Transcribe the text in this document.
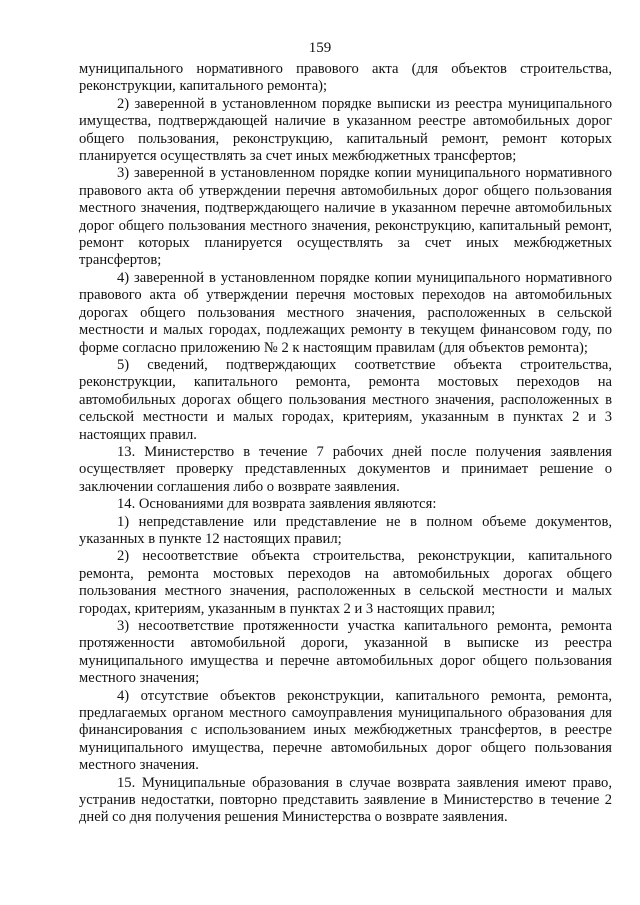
159

муниципального нормативного правового акта (для объектов строительства, реконструкции, капитального ремонта);

2) заверенной в установленном порядке выписки из реестра муниципального имущества, подтверждающей наличие в указанном реестре автомобильных дорог общего пользования, реконструкцию, капитальный ремонт, ремонт которых планируется осуществлять за счет иных межбюджетных трансфертов;

3) заверенной в установленном порядке копии муниципального нормативного правового акта об утверждении перечня автомобильных дорог общего пользования местного значения, подтверждающего наличие в указанном перечне автомобильных дорог общего пользования местного значения, реконструкцию, капитальный ремонт, ремонт которых планируется осуществлять за счет иных межбюджетных трансфертов;

4) заверенной в установленном порядке копии муниципального нормативного правового акта об утверждении перечня мостовых переходов на автомобильных дорогах общего пользования местного значения, расположенных в сельской местности и малых городах, подлежащих ремонту в текущем финансовом году, по форме согласно приложению № 2 к настоящим правилам (для объектов ремонта);

5) сведений, подтверждающих соответствие объекта строительства, реконструкции, капитального ремонта, ремонта мостовых переходов на автомобильных дорогах общего пользования местного значения, расположенных в сельской местности и малых городах, критериям, указанным в пунктах 2 и 3 настоящих правил.

13. Министерство в течение 7 рабочих дней после получения заявления осуществляет проверку представленных документов и принимает решение о заключении соглашения либо о возврате заявления.

14. Основаниями для возврата заявления являются:

1) непредставление или представление не в полном объеме документов, указанных в пункте 12 настоящих правил;

2) несоответствие объекта строительства, реконструкции, капитального ремонта, ремонта мостовых переходов на автомобильных дорогах общего пользования местного значения, расположенных в сельской местности и малых городах, критериям, указанным в пунктах 2 и 3 настоящих правил;

3) несоответствие протяженности участка капитального ремонта, ремонта протяженности автомобильной дороги, указанной в выписке из реестра муниципального имущества и перечне автомобильных дорог общего пользования местного значения;

4) отсутствие объектов реконструкции, капитального ремонта, ремонта, предлагаемых органом местного самоуправления муниципального образования для финансирования с использованием иных межбюджетных трансфертов, в реестре муниципального имущества, перечне автомобильных дорог общего пользования местного значения.

15. Муниципальные образования в случае возврата заявления имеют право, устранив недостатки, повторно представить заявление в Министерство в течение 2 дней со дня получения решения Министерства о возврате заявления.
